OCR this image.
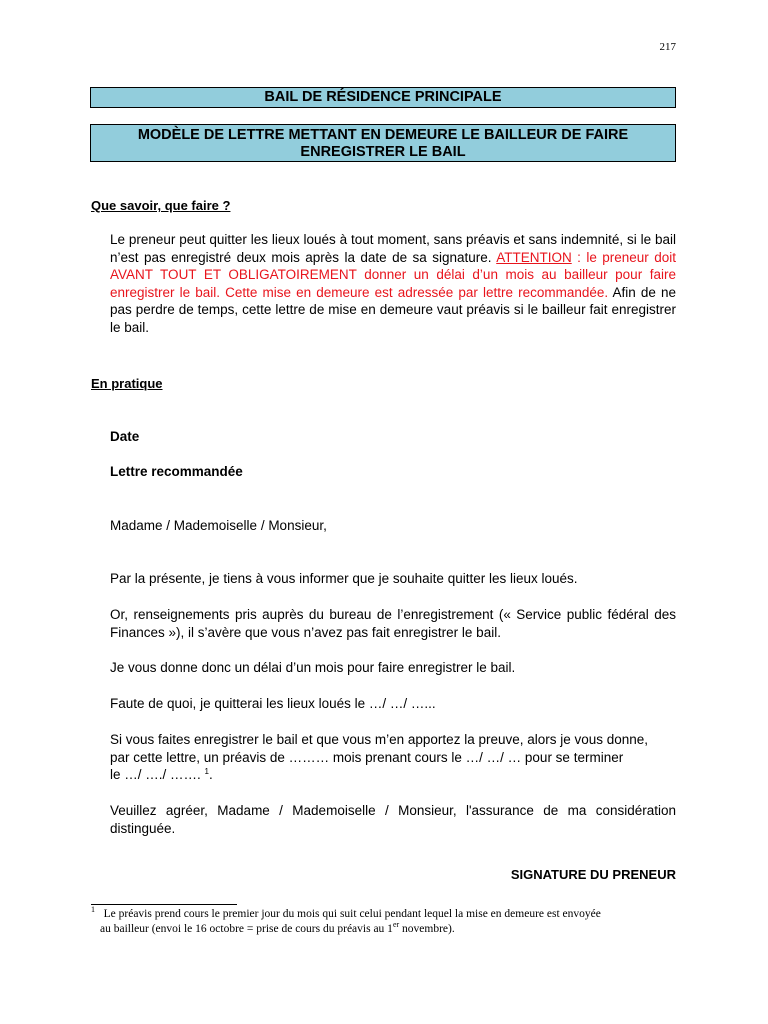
217
BAIL DE RÉSIDENCE PRINCIPALE
MODÈLE DE LETTRE METTANT EN DEMEURE LE BAILLEUR DE FAIRE
ENREGISTRER LE BAIL
Que savoir, que faire ?
Le preneur peut quitter les lieux loués à tout moment, sans préavis et sans indemnité, si le bail n’est pas enregistré deux mois après la date de sa signature. ATTENTION : le preneur doit AVANT TOUT ET OBLIGATOIREMENT donner un délai d’un mois au bailleur pour faire enregistrer le bail. Cette mise en demeure est adressée par lettre recommandée. Afin de ne pas perdre de temps, cette lettre de mise en demeure vaut préavis si le bailleur fait enregistrer le bail.
En pratique
Date
Lettre recommandée
Madame / Mademoiselle / Monsieur,
Par la présente, je tiens à vous informer que je souhaite quitter les lieux loués.
Or, renseignements pris auprès du bureau de l’enregistrement (« Service public fédéral des Finances »), il s’avère que vous n’avez pas fait enregistrer le bail.
Je vous donne donc un délai d’un mois pour faire enregistrer le bail.
Faute de quoi, je quitterai les lieux loués le …/ …/ …...
Si vous faites enregistrer le bail et que vous m’en apportez la preuve, alors je vous donne,
par cette lettre, un préavis de ……… mois prenant cours le …/ …/ … pour se terminer
le …/ …./ ……. $^1$.
Veuillez agréer, Madame / Mademoiselle / Monsieur, l'assurance de ma considération distinguée.
SIGNATURE DU PRENEUR
$^1$ Le préavis prend cours le premier jour du mois qui suit celui pendant lequel la mise en demeure est envoyée
au bailleur (envoi le 16 octobre = prise de cours du préavis au 1er novembre).
